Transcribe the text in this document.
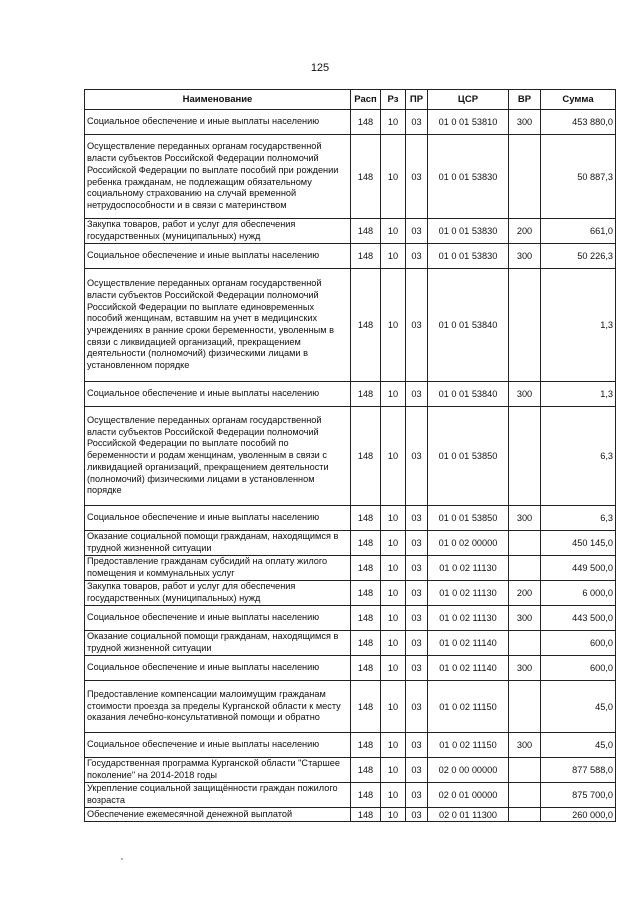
125
Наименование	Расп	Рз	ПР	ЦСР	ВР	Сумма
Социальное обеспечение и иные выплаты населению	148	10	03	01 0 01 53810	300	453 880,0
Осуществление переданных органам государственной власти субъектов Российской Федерации полномочий Российской Федерации по выплате пособий при рождении ребенка гражданам, не подлежащим обязательному социальному страхованию на случай временной нетрудоспособности и в связи с материнством	148	10	03	01 0 01 53830		50 887,3
Закупка товаров, работ и услуг для обеспечения государственных (муниципальных) нужд	148	10	03	01 0 01 53830	200	661,0
Социальное обеспечение и иные выплаты населению	148	10	03	01 0 01 53830	300	50 226,3
Осуществление переданных органам государственной власти субъектов Российской Федерации полномочий Российской Федерации по выплате единовременных пособий женщинам, вставшим на учет в медицинских учреждениях в ранние сроки беременности, уволенным в связи с ликвидацией организаций, прекращением деятельности (полномочий) физическими лицами в установленном порядке	148	10	03	01 0 01 53840		1,3
Социальное обеспечение и иные выплаты населению	148	10	03	01 0 01 53840	300	1,3
Осуществление переданных органам государственной власти субъектов Российской Федерации полномочий Российской Федерации по выплате пособий по беременности и родам женщинам, уволенным в связи с ликвидацией организаций, прекращением деятельности (полномочий) физическими лицами в установленном порядке	148	10	03	01 0 01 53850		6,3
Социальное обеспечение и иные выплаты населению	148	10	03	01 0 01 53850	300	6,3
Оказание социальной помощи гражданам, находящимся в трудной жизненной ситуации	148	10	03	01 0 02 00000		450 145,0
Предоставление гражданам субсидий на оплату жилого помещения и коммунальных услуг	148	10	03	01 0 02 11130		449 500,0
Закупка товаров, работ и услуг для обеспечения государственных (муниципальных) нужд	148	10	03	01 0 02 11130	200	6 000,0
Социальное обеспечение и иные выплаты населению	148	10	03	01 0 02 11130	300	443 500,0
Оказание социальной помощи гражданам, находящимся в трудной жизненной ситуации	148	10	03	01 0 02 11140		600,0
Социальное обеспечение и иные выплаты населению	148	10	03	01 0 02 11140	300	600,0
Предоставление компенсации малоимущим гражданам стоимости проезда за пределы Курганской области к месту оказания лечебно-консультативной помощи и обратно	148	10	03	01 0 02 11150		45,0
Социальное обеспечение и иные выплаты населению	148	10	03	01 0 02 11150	300	45,0
Государственная программа Курганской области "Старшее поколение" на 2014-2018 годы	148	10	03	02 0 00 00000		877 588,0
Укрепление социальной защищённости граждан пожилого возраста	148	10	03	02 0 01 00000		875 700,0
Обеспечение ежемесячной денежной выплатой	148	10	03	02 0 01 11300		260 000,0
